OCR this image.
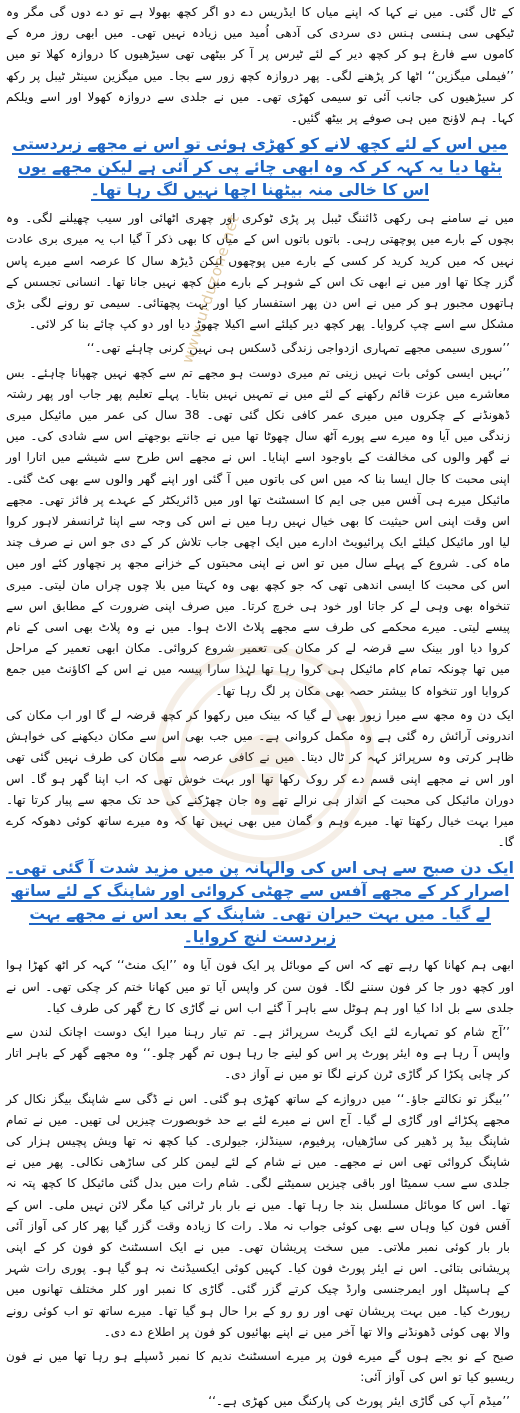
کے ٹال گئی۔ میں نے کہا کہ اپنے میاں کا ایڈریس دے دو اگر کچھ بھولا ہے تو دے دوں گی مگر وہ ٹیکھی سی ہنسی ہنس دی سردی کی آدھی اُمید میں زیادہ نہیں تھی۔ میں ابھی روز مرہ کے کاموں سے فارغ ہو کر کچھ دیر کے لئے ٹیرس پر آ کر بیٹھی تھی سیڑھیوں کا دروازہ کھلا تو میں ’’فیملی میگزین‘‘ اٹھا کر پڑھنے لگی۔ پھر دروازہ کچھ زور سے بجا۔ میں میگزین سینٹر ٹیبل پر رکھ کر سیڑھیوں کی جانب آئی تو سیمی کھڑی تھی۔ میں نے جلدی سے دروازہ کھولا اور اسے ویلکم کہا۔ ہم لاؤنج میں ہی صوفے پر بیٹھ گئیں۔

میں اس کے لئے کچھ لانے کو کھڑی ہوئی تو اس نے مجھے زبردستی بٹھا دیا یہ کہہ کر کہ وہ ابھی چائے پی کر آئی ہے لیکن مجھے یوں اس کا خالی منہ بیٹھنا اچھا نہیں لگ رہا تھا۔

میں نے سامنے ہی رکھی ڈائننگ ٹیبل پر پڑی ٹوکری اور چھری اٹھائی اور سیب چھیلنے لگی۔ وہ بچوں کے بارے میں پوچھتی رہی۔ باتوں باتوں اس کے میاں کا بھی ذکر آ گیا اب یہ میری بری عادت نہیں کہ میں کرید کرید کر کسی کے بارے میں پوچھوں لیکن ڈیڑھ سال کا عرصہ اسے میرے پاس گزر چکا تھا اور میں نے ابھی تک اس کے شوہر کے بارے میں کچھ نہیں جانا تھا۔ انسانی تجسس کے ہاتھوں مجبور ہو کر میں نے اس دن پھر استفسار کیا اور بہت پچھتائی۔ سیمی تو رونے لگی بڑی مشکل سے اسے چپ کروایا۔ پھر کچھ دیر کیلئے اسے اکیلا چھوڑ دیا اور دو کپ چائے بنا کر لائی۔

’’سوری سیمی مجھے تمہاری ازدواجی زندگی ڈسکس ہی نہیں کرنی چاہئے تھی۔‘‘

’’نہیں ایسی کوئی بات نہیں زینی تم میری دوست ہو مجھے تم سے کچھ نہیں چھپانا چاہئے۔ بس معاشرے میں عزت قائم رکھنے کے لئے میں نے تمہیں نہیں بتایا۔ پہلے تعلیم پھر جاب اور پھر رشتہ ڈھونڈنے کے چکروں میں میری عمر کافی نکل گئی تھی۔ 38 سال کی عمر میں مائیکل میری زندگی میں آیا وہ میرے سے پورے آٹھ سال چھوٹا تھا میں نے جانتے بوجھتے اس سے شادی کی۔ میں نے گھر والوں کی مخالفت کے باوجود اسے اپنایا۔ اس نے مجھے اس طرح سے شیشے میں اتارا اور اپنی محبت کا جال ایسا بنا کہ میں اس کی باتوں میں آ گئی اور اپنے گھر والوں سے بھی کٹ گئی۔ مائیکل میرے ہی آفس میں جی ایم کا اسسٹنٹ تھا اور میں ڈائریکٹر کے عہدے پر فائز تھی۔ مجھے اس وقت اپنی اس حیثیت کا بھی خیال نہیں رہا میں نے اس کی وجہ سے اپنا ٹرانسفر لاہور کروا لیا اور مائیکل کیلئے ایک پرائیویٹ ادارے میں ایک اچھی جاب تلاش کر کے دی جو اس نے صرف چند ماہ کی۔ شروع کے پہلے سال میں تو اس نے اپنی محبتوں کے خزانے مجھ پر نچھاور کئے اور میں اس کی محبت کا ایسی اندھی تھی کہ جو کچھ بھی وہ کہتا میں بلا چوں چراں مان لیتی۔ میری تنخواہ بھی وہی لے کر جاتا اور خود ہی خرچ کرتا۔ میں صرف اپنی ضرورت کے مطابق اس سے پیسے لیتی۔ میرے محکمے کی طرف سے مجھے پلاٹ الاٹ ہوا۔ میں نے وہ پلاٹ بھی اسی کے نام کروا دیا اور بینک سے قرضہ لے کر مکان کی تعمیر شروع کروائی۔ مکان ابھی تعمیر کے مراحل میں تھا چونکہ تمام کام مائیکل ہی کروا رہا تھا لہٰذا سارا پیسہ میں نے اس کے اکاؤنٹ میں جمع کروایا اور تنخواہ کا بیشتر حصہ بھی مکان پر لگ رہا تھا۔

ایک دن وہ مجھ سے میرا زیور بھی لے گیا کہ بینک میں رکھوا کر کچھ قرضہ لے گا اور اب مکان کی اندرونی آرائش رہ گئی ہے وہ مکمل کروانی ہے۔ میں جب بھی اس سے مکان دیکھنے کی خواہش ظاہر کرتی وہ سرپرائز کہہ کر ٹال دیتا۔ میں نے کافی عرصہ سے مکان کی طرف نہیں گئی تھی اور اس نے مجھے اپنی قسم دے کر روک رکھا تھا اور بہت خوش تھی کہ اب اپنا گھر ہو گا۔ اس دوران مائیکل کی محبت کے انداز ہی نرالے تھے وہ جان چھڑکنے کی حد تک مجھ سے پیار کرتا تھا۔ میرا بہت خیال رکھتا تھا۔ میرے وہم و گمان میں بھی نہیں تھا کہ وہ میرے ساتھ کوئی دھوکہ کرے گا۔

ایک دن صبح سے ہی اس کی والہانہ پن میں مزید شدت آ گئی تھی۔ اصرار کر کے مجھے آفس سے چھٹی کروائی اور شاپنگ کے لئے ساتھ لے گیا۔ میں بہت حیران تھی۔ شاپنگ کے بعد اس نے مجھے بہت زبردست لنچ کروایا۔

ابھی ہم کھانا کھا رہے تھے کہ اس کے موبائل پر ایک فون آیا وہ ’’ایک منٹ‘‘ کہہ کر اٹھ کھڑا ہوا اور کچھ دور جا کر فون سننے لگا۔ فون سن کر واپس آیا تو میں کھانا ختم کر چکی تھی۔ اس نے جلدی سے بل ادا کیا اور ہم ہوٹل سے باہر آ گئے اب اس نے گاڑی کا رخ گھر کی طرف کیا۔

’’آج شام کو تمہارے لئے ایک گریٹ سرپرائز ہے۔ تم تیار رہنا میرا ایک دوست اچانک لندن سے واپس آ رہا ہے وہ ایئر پورٹ پر اس کو لینے جا رہا ہوں تم گھر چلو۔‘‘ وہ مجھے گھر کے باہر اتار کر چابی پکڑا کر گاڑی ٹرن کرنے لگا تو میں نے آواز دی۔

’’بیگز تو نکالتے جاؤ۔‘‘ میں دروازے کے ساتھ کھڑی ہو گئی۔ اس نے ڈگی سے شاپنگ بیگز نکال کر مجھے پکڑائے اور گاڑی لے گیا۔ آج اس نے میرے لئے بے حد خوبصورت چیزیں لی تھیں۔ میں نے تمام شاپنگ بیڈ پر ڈھیر کی ساڑھیاں، پرفیوم، سینڈلز، جیولری۔ کیا کچھ نہ تھا ویش پچیس ہزار کی شاپنگ کروائی تھی اس نے مجھے۔ میں نے شام کے لئے لیمن کلر کی ساڑھی نکالی۔ پھر میں نے جلدی سے سب سمیٹا اور باقی چیزیں سمیٹنے لگی۔ شام رات میں بدل گئی مائیکل کا کچھ پتہ نہ تھا۔ اس کا موبائل مسلسل بند جا رہا تھا۔ میں نے بار بار ٹرائی کیا مگر لائن نہیں ملی۔ اس کے آفس فون کیا وہاں سے بھی کوئی جواب نہ ملا۔ رات کا زیادہ وقت گزر گیا پھر کار کی آواز آئی بار بار کوئی نمبر ملاتی۔ میں سخت پریشان تھی۔ میں نے ایک اسسٹنٹ کو فون کر کے اپنی پریشانی بتائی۔ اس نے ایئر پورٹ فون کیا۔ کہیں کوئی ایکسیڈنٹ نہ ہو گیا ہو۔ پوری رات شہر کے ہاسپٹل اور ایمرجنسی وارڈ چیک کرتے گزر گئی۔ گاڑی کا نمبر اور کلر مختلف تھانوں میں رپورٹ کیا۔ میں بہت پریشان تھی اور رو رو کے برا حال ہو گیا تھا۔ میرے ساتھ تو اب کوئی رونے والا بھی کوئی ڈھونڈنے والا تھا آخر میں نے اپنے بھائیوں کو فون پر اطلاع دے دی۔

صبح کے نو بجے ہوں گے میرے فون پر میرے اسسٹنٹ ندیم کا نمبر ڈسپلے ہو رہا تھا میں نے فون ریسیو کیا تو اس کی آواز آئی:

’’میڈم آپ کی گاڑی ایئر پورٹ کی پارکنگ میں کھڑی ہے۔‘‘

www.urduzone.net
